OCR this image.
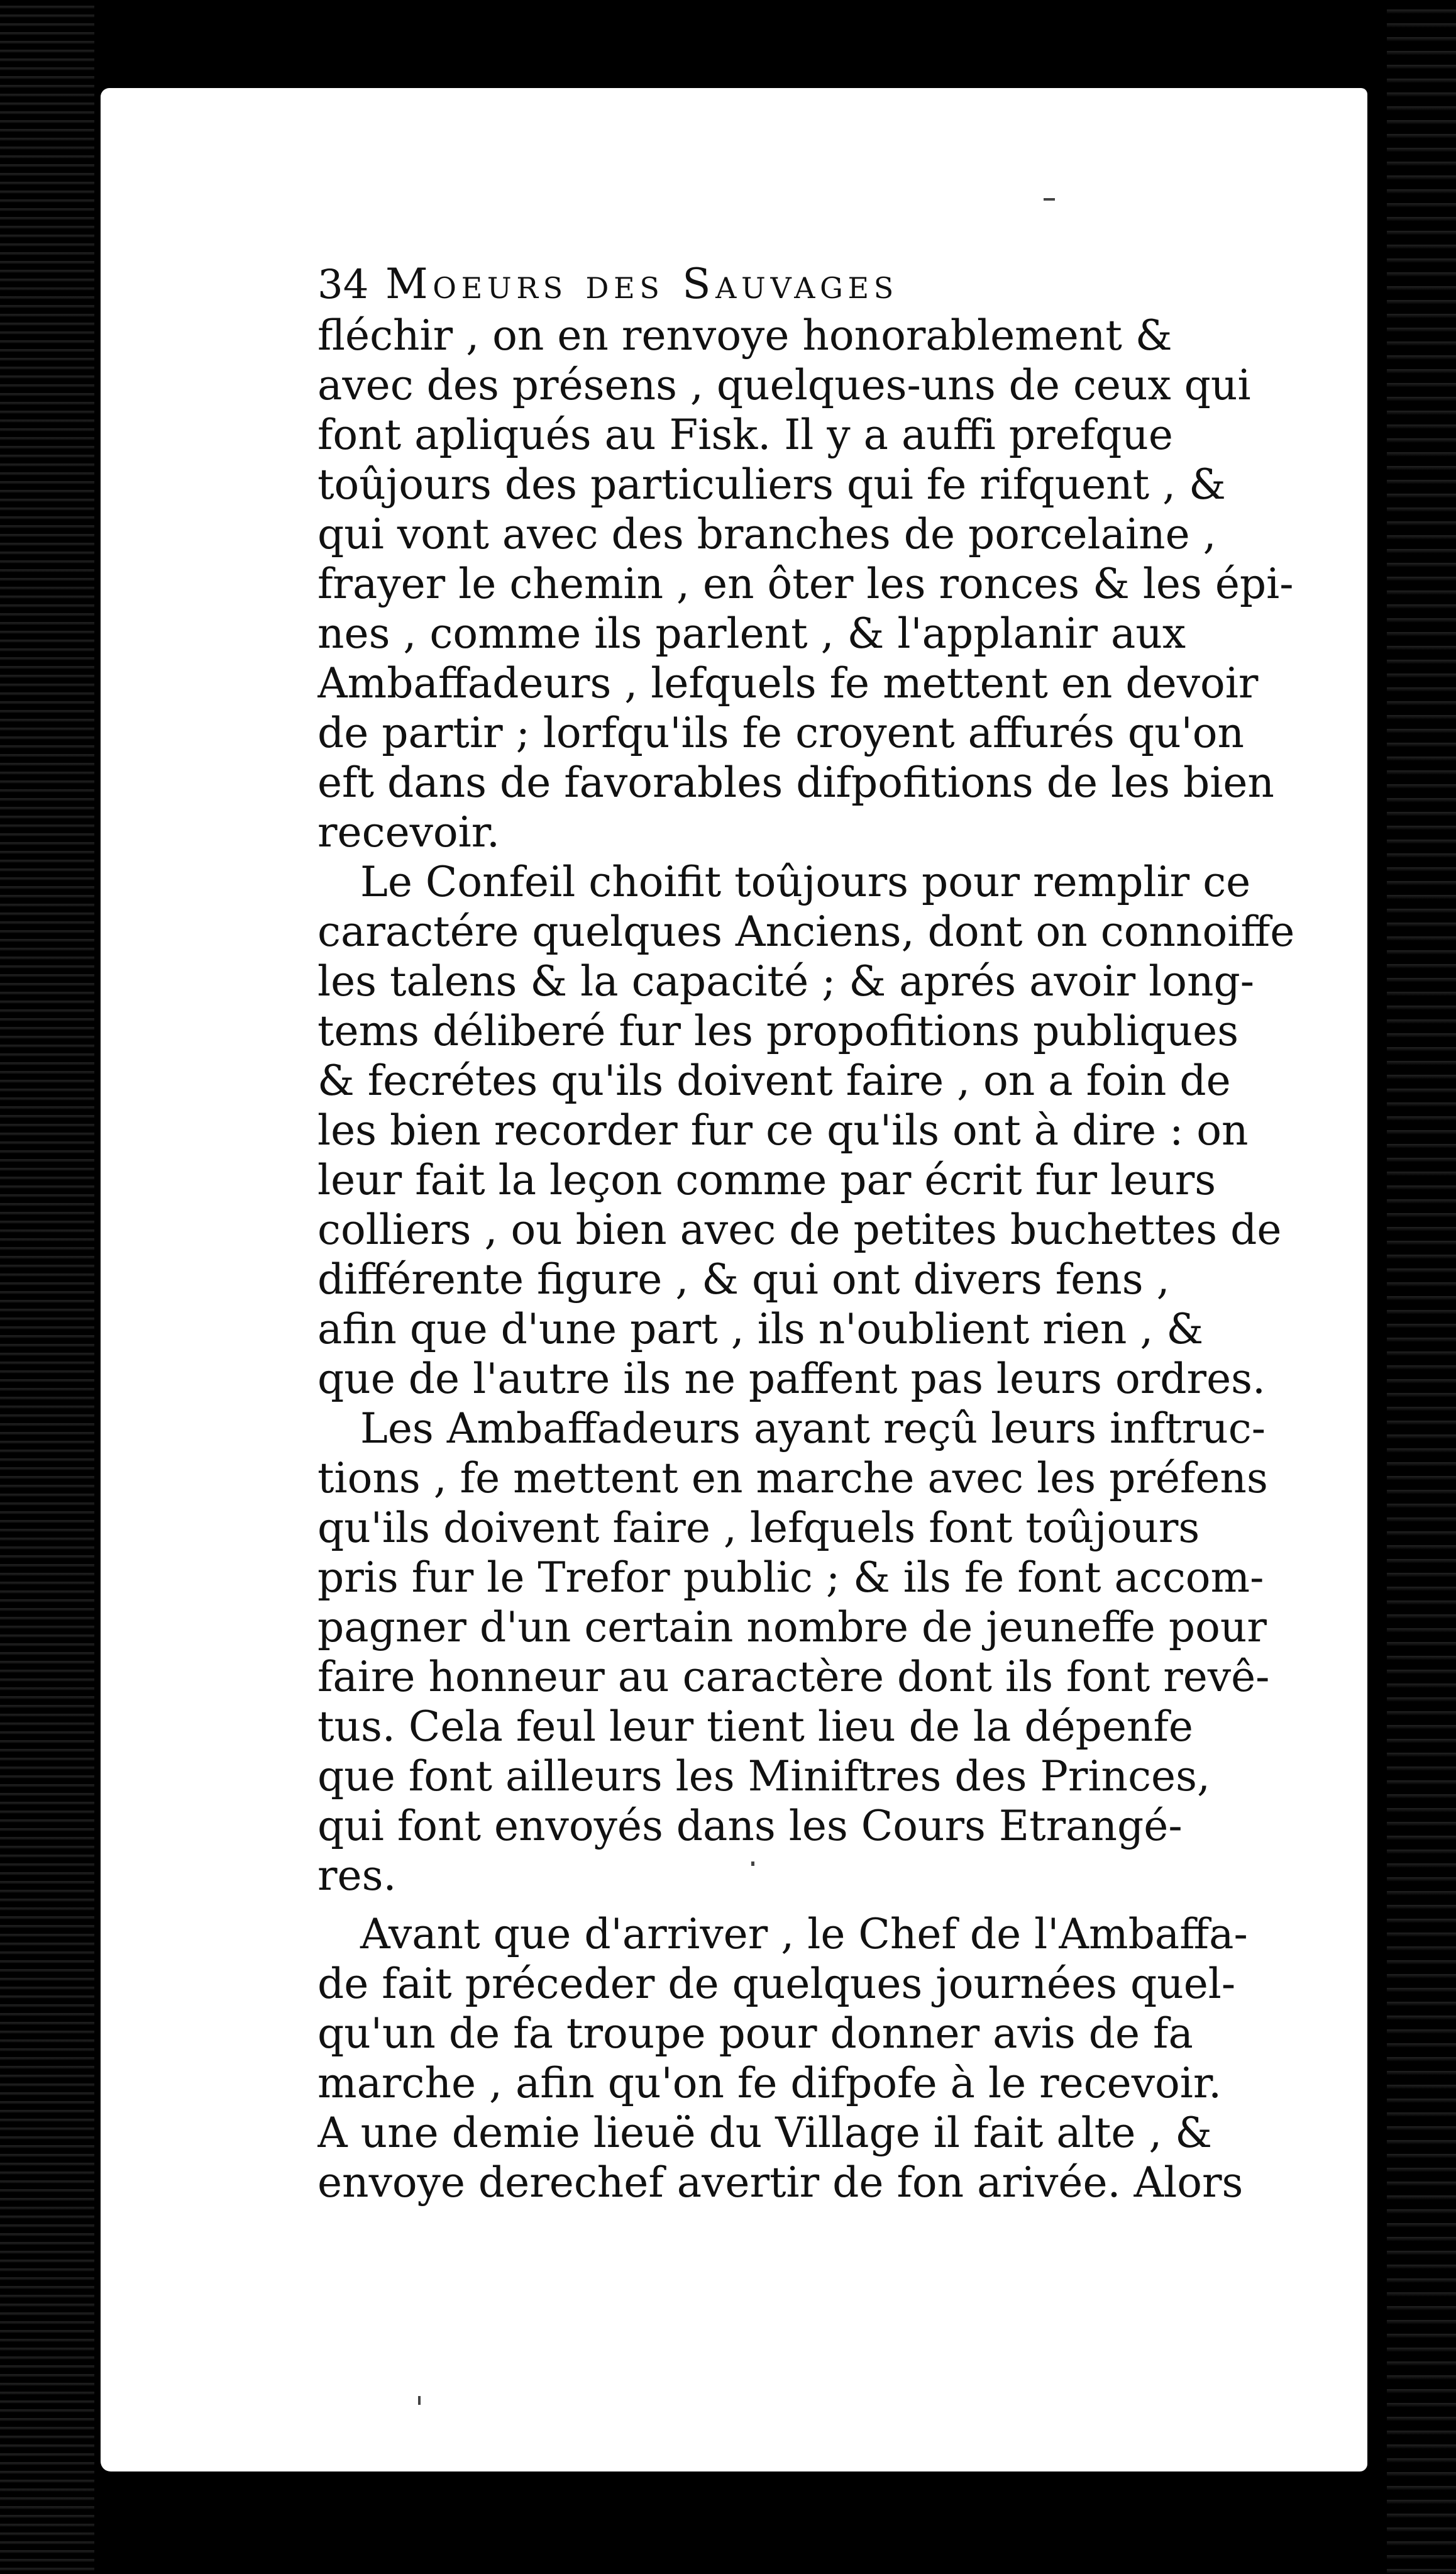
34 Moeurs des Sauvages
fléchir , on en renvoye honorablement &
avec des présens , quelques-uns de ceux qui
font apliqués au Fisk. Il y a auffi prefque
toûjours des particuliers qui fe rifquent , &
qui vont avec des branches de porcelaine ,
frayer le chemin , en ôter les ronces & les épi-
nes , comme ils parlent , & l'applanir aux
Ambaffadeurs , lefquels fe mettent en devoir
de partir ; lorfqu'ils fe croyent affurés qu'on
eft dans de favorables difpofitions de les bien
recevoir.
Le Confeil choifit toûjours pour remplir ce
caractére quelques Anciens, dont on connoiffe
les talens & la capacité ; & aprés avoir long-
tems déliberé fur les propofitions publiques
& fecrétes qu'ils doivent faire , on a foin de
les bien recorder fur ce qu'ils ont à dire : on
leur fait la leçon comme par écrit fur leurs
colliers , ou bien avec de petites buchettes de
différente figure , & qui ont divers fens ,
afin que d'une part , ils n'oublient rien , &
que de l'autre ils ne paffent pas leurs ordres.
Les Ambaffadeurs ayant reçû leurs inftruc-
tions , fe mettent en marche avec les préfens
qu'ils doivent faire , lefquels font toûjours
pris fur le Trefor public ; & ils fe font accom-
pagner d'un certain nombre de jeuneffe pour
faire honneur au caractère dont ils font revê-
tus. Cela feul leur tient lieu de la dépenfe
que font ailleurs les Miniftres des Princes,
qui font envoyés dans les Cours Etrangé-
res.
Avant que d'arriver , le Chef de l'Ambaffa-
de fait préceder de quelques journées quel-
qu'un de fa troupe pour donner avis de fa
marche , afin qu'on fe difpofe à le recevoir.
A une demie lieuë du Village il fait alte , &
envoye derechef avertir de fon arivée. Alors
